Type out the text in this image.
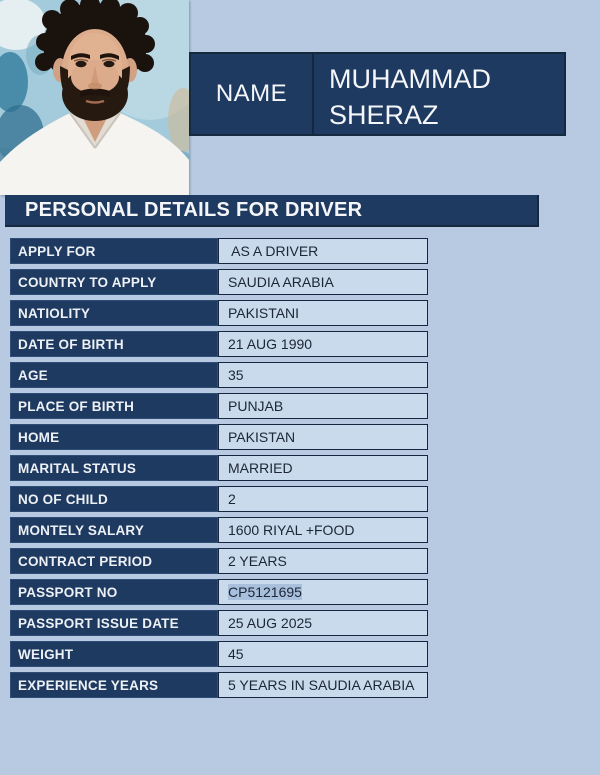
NAME	MUHAMMAD SHERAZ
PERSONAL DETAILS FOR DRIVER
APPLY FOR	AS A DRIVER
COUNTRY TO APPLY	SAUDIA ARABIA
NATIOLITY	PAKISTANI
DATE OF BIRTH	21 AUG 1990
AGE	35
PLACE OF BIRTH	PUNJAB
HOME	PAKISTAN
MARITAL STATUS	MARRIED
NO OF CHILD	2
MONTELY SALARY	1600 RIYAL +FOOD
CONTRACT PERIOD	2 YEARS
PASSPORT NO	CP5121695
PASSPORT ISSUE DATE	25 AUG 2025
WEIGHT	45
EXPERIENCE YEARS	5 YEARS IN SAUDIA ARABIA
